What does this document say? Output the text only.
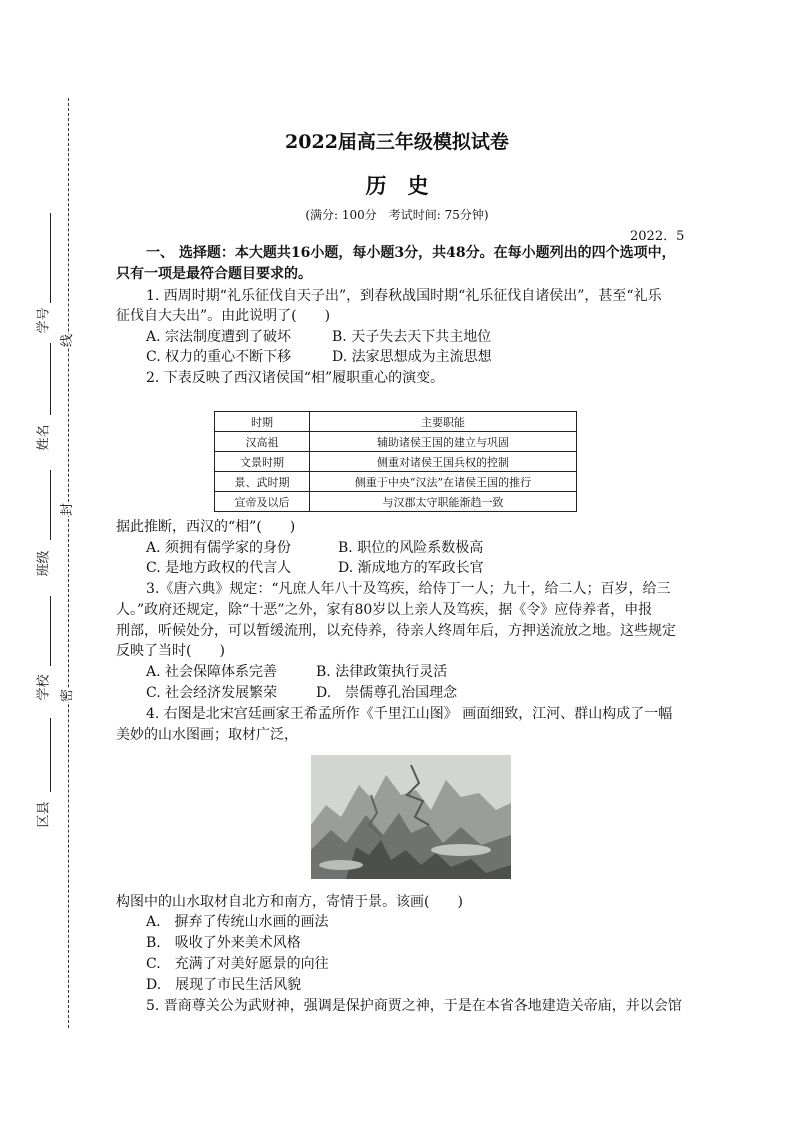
学号
姓名
班级
学校
区县
线
封
密
2022届高三年级模拟试卷
历　史
(满分: 100分　考试时间: 75分钟)
2022．5
一、 选择题：本大题共16小题，每小题3分，共48分。在每小题列出的四个选项中，
只有一项是最符合题目要求的。
1. 西周时期“礼乐征伐自天子出”，到春秋战国时期“礼乐征伐自诸侯出”，甚至“礼乐
征伐自大夫出”。由此说明了(　　)
A. 宗法制度遭到了破坏	B. 天子失去天下共主地位
C. 权力的重心不断下移	D. 法家思想成为主流思想
2. 下表反映了西汉诸侯国“相”履职重心的演变。
时期	主要职能
汉高祖	辅助诸侯王国的建立与巩固
文景时期	侧重对诸侯王国兵权的控制
景、武时期	侧重于中央“汉法”在诸侯王国的推行
宣帝及以后	与汉郡太守职能渐趋一致
据此推断，西汉的“相”(　　)
A. 须拥有儒学家的身份	B. 职位的风险系数极高
C. 是地方政权的代言人	D. 渐成地方的军政长官
3.《唐六典》规定：“凡庶人年八十及笃疾，给侍丁一人；九十，给二人；百岁，给三
人。”政府还规定，除“十恶”之外，家有80岁以上亲人及笃疾，据《令》应侍养者，申报
刑部，听候处分，可以暂缓流刑，以充侍养，待亲人终周年后，方押送流放之地。这些规定
反映了当时(　　)
A. 社会保障体系完善	B. 法律政策执行灵活
C. 社会经济发展繁荣	D.　崇儒尊孔治国理念
4. 右图是北宋宫廷画家王希孟所作《千里江山图》 画面细致，江河、群山构成了一幅
美妙的山水图画；取材广泛，
构图中的山水取材自北方和南方，寄情于景。该画(　　)
A.　摒弃了传统山水画的画法
B.　吸收了外来美术风格
C.　充满了对美好愿景的向往
D.　展现了市民生活风貌
5. 晋商尊关公为武财神，强调是保护商贾之神，于是在本省各地建造关帝庙，并以会馆
